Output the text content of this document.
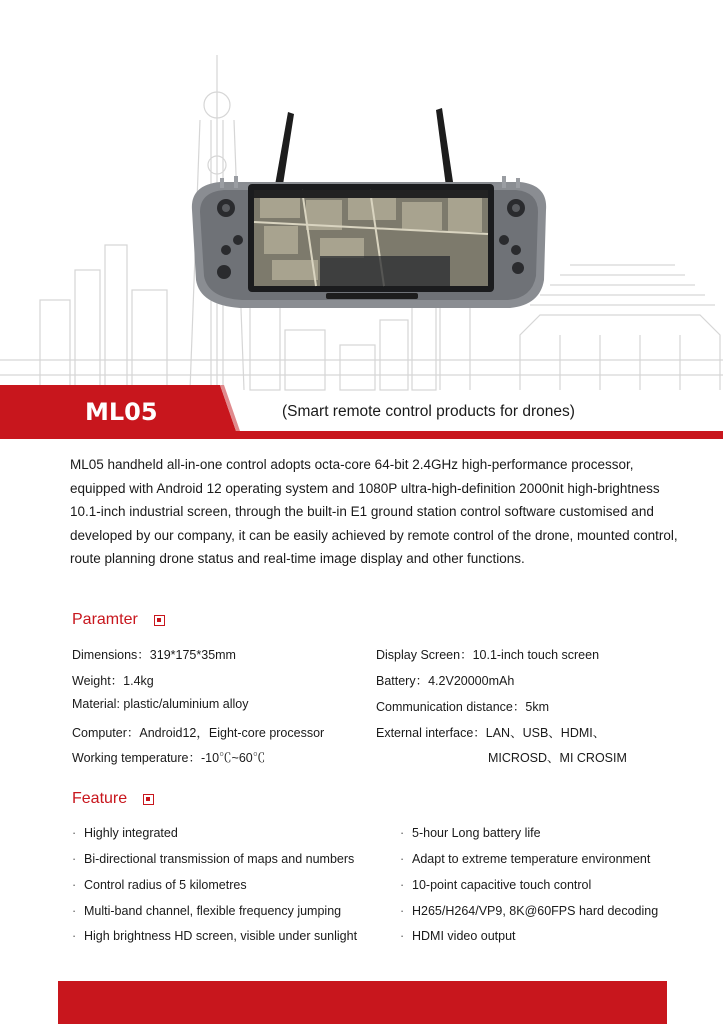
ML05	(Smart remote control products for drones)

ML05 handheld all-in-one control adopts octa-core 64-bit 2.4GHz high-performance processor, equipped with Android 12 operating system and 1080P ultra-high-definition 2000nit high-brightness 10.1-inch industrial screen, through the built-in E1 ground station control software customised and developed by our company, it can be easily achieved by remote control of the drone, mounted control, route planning drone status and real-time image display and other functions.

Paramter
Dimensions：319*175*35mm
Weight：1.4kg
Material: plastic/aluminium alloy
Computer：Android12，Eight-core processor
Working temperature：-10℃~60℃
Display Screen：10.1-inch touch screen
Battery：4.2V20000mAh
Communication distance：5km
External interface：LAN、USB、HDMI、
MICROSD、MI CROSIM
Feature
· Highly integrated
· Bi-directional transmission of maps and numbers
· Control radius of 5 kilometres
· Multi-band channel, flexible frequency jumping
· High brightness HD screen, visible under sunlight
· 5-hour Long battery life
· Adapt to extreme temperature environment
· 10-point capacitive touch control
· H265/H264/VP9, 8K@60FPS hard decoding
· HDMI video output
